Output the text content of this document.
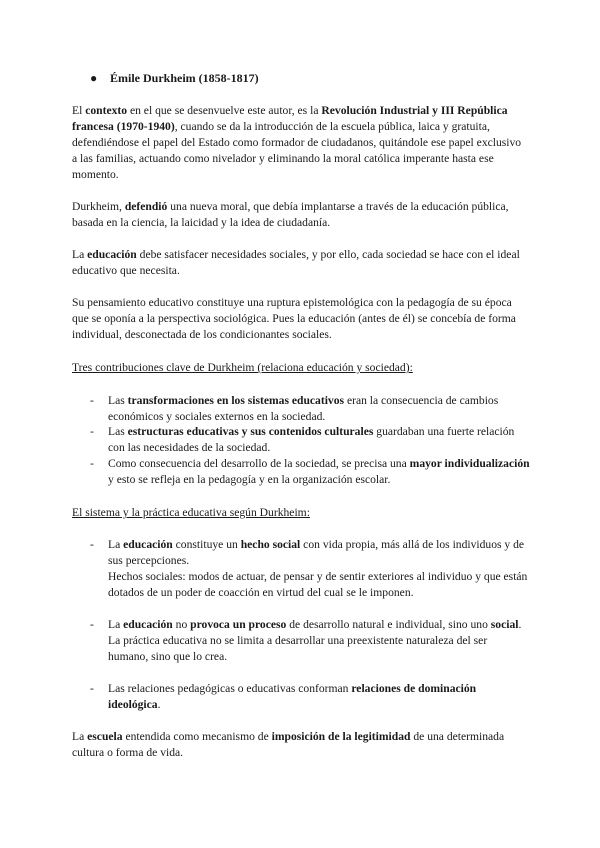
● Émile Durkheim (1858-1817)

El contexto en el que se desenvuelve este autor, es la Revolución Industrial y III República francesa (1970-1940), cuando se da la introducción de la escuela pública, laica y gratuita, defendiéndose el papel del Estado como formador de ciudadanos, quitándole ese papel exclusivo a las familias, actuando como nivelador y eliminando la moral católica imperante hasta ese momento.

Durkheim, defendió una nueva moral, que debía implantarse a través de la educación pública, basada en la ciencia, la laicidad y la idea de ciudadanía.

La educación debe satisfacer necesidades sociales, y por ello, cada sociedad se hace con el ideal educativo que necesita.

Su pensamiento educativo constituye una ruptura epistemológica con la pedagogía de su época que se oponía a la perspectiva sociológica. Pues la educación (antes de él) se concebía de forma individual, desconectada de los condicionantes sociales.

Tres contribuciones clave de Durkheim (relaciona educación y sociedad):

- Las transformaciones en los sistemas educativos eran la consecuencia de cambios económicos y sociales externos en la sociedad.
- Las estructuras educativas y sus contenidos culturales guardaban una fuerte relación con las necesidades de la sociedad.
- Como consecuencia del desarrollo de la sociedad, se precisa una mayor individualización y esto se refleja en la pedagogía y en la organización escolar.

El sistema y la práctica educativa según Durkheim:

- La educación constituye un hecho social con vida propia, más allá de los individuos y de sus percepciones.
Hechos sociales: modos de actuar, de pensar y de sentir exteriores al individuo y que están dotados de un poder de coacción en virtud del cual se le imponen.
- La educación no provoca un proceso de desarrollo natural e individual, sino uno social. La práctica educativa no se limita a desarrollar una preexistente naturaleza del ser humano, sino que lo crea.
- Las relaciones pedagógicas o educativas conforman relaciones de dominación ideológica.

La escuela entendida como mecanismo de imposición de la legitimidad de una determinada cultura o forma de vida.
